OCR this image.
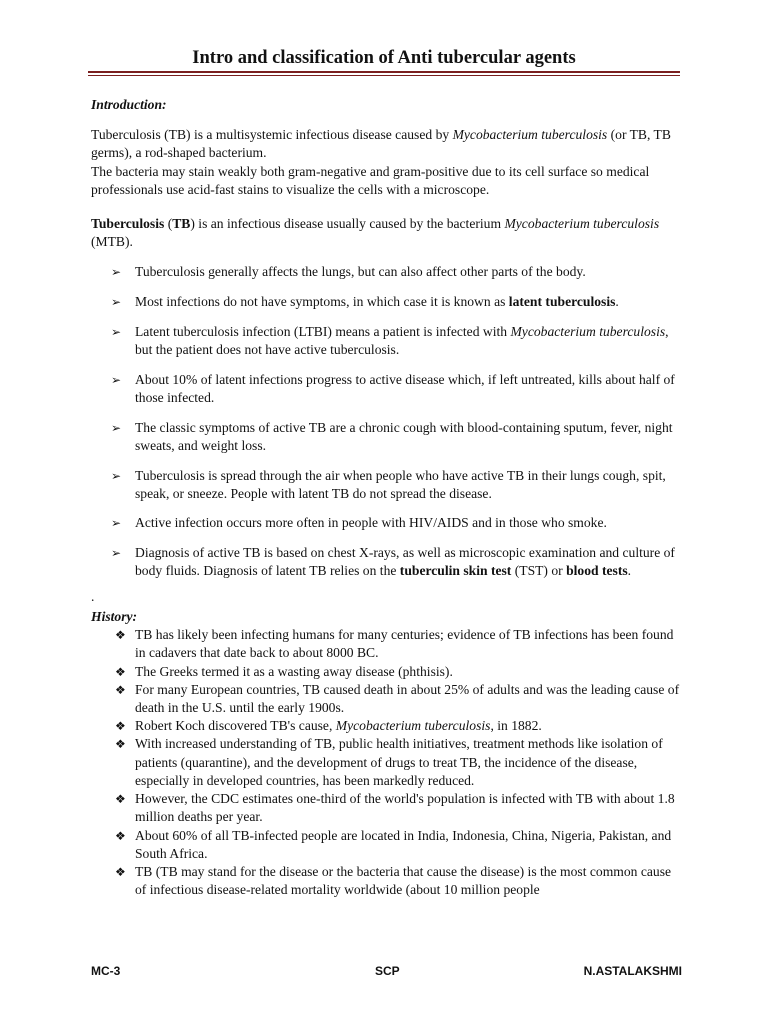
Intro and classification of Anti tubercular agents
Introduction:

Tuberculosis (TB) is a multisystemic infectious disease caused by Mycobacterium tuberculosis (or TB, TB germs), a rod-shaped bacterium.

The bacteria may stain weakly both gram-negative and gram-positive due to its cell surface so medical professionals use acid-fast stains to visualize the cells with a microscope.

Tuberculosis (TB) is an infectious disease usually caused by the bacterium Mycobacterium tuberculosis (MTB).

➢ Tuberculosis generally affects the lungs, but can also affect other parts of the body.
➢ Most infections do not have symptoms, in which case it is known as latent tuberculosis.
➢ Latent tuberculosis infection (LTBI) means a patient is infected with Mycobacterium tuberculosis, but the patient does not have active tuberculosis.
➢ About 10% of latent infections progress to active disease which, if left untreated, kills about half of those infected.
➢ The classic symptoms of active TB are a chronic cough with blood-containing sputum, fever, night sweats, and weight loss.
➢ Tuberculosis is spread through the air when people who have active TB in their lungs cough, spit, speak, or sneeze. People with latent TB do not spread the disease.
➢ Active infection occurs more often in people with HIV/AIDS and in those who smoke.
➢ Diagnosis of active TB is based on chest X-rays, as well as microscopic examination and culture of body fluids. Diagnosis of latent TB relies on the tuberculin skin test (TST) or blood tests.
.
History:
❖ TB has likely been infecting humans for many centuries; evidence of TB infections has been found in cadavers that date back to about 8000 BC.
❖ The Greeks termed it as a wasting away disease (phthisis).
❖ For many European countries, TB caused death in about 25% of adults and was the leading cause of death in the U.S. until the early 1900s.
❖ Robert Koch discovered TB's cause, Mycobacterium tuberculosis, in 1882.
❖ With increased understanding of TB, public health initiatives, treatment methods like isolation of patients (quarantine), and the development of drugs to treat TB, the incidence of the disease, especially in developed countries, has been markedly reduced.
❖ However, the CDC estimates one-third of the world's population is infected with TB with about 1.8 million deaths per year.
❖ About 60% of all TB-infected people are located in India, Indonesia, China, Nigeria, Pakistan, and South Africa.
❖ TB (TB may stand for the disease or the bacteria that cause the disease) is the most common cause of infectious disease-related mortality worldwide (about 10 million people
MC-3	SCP	N.ASTALAKSHMI
